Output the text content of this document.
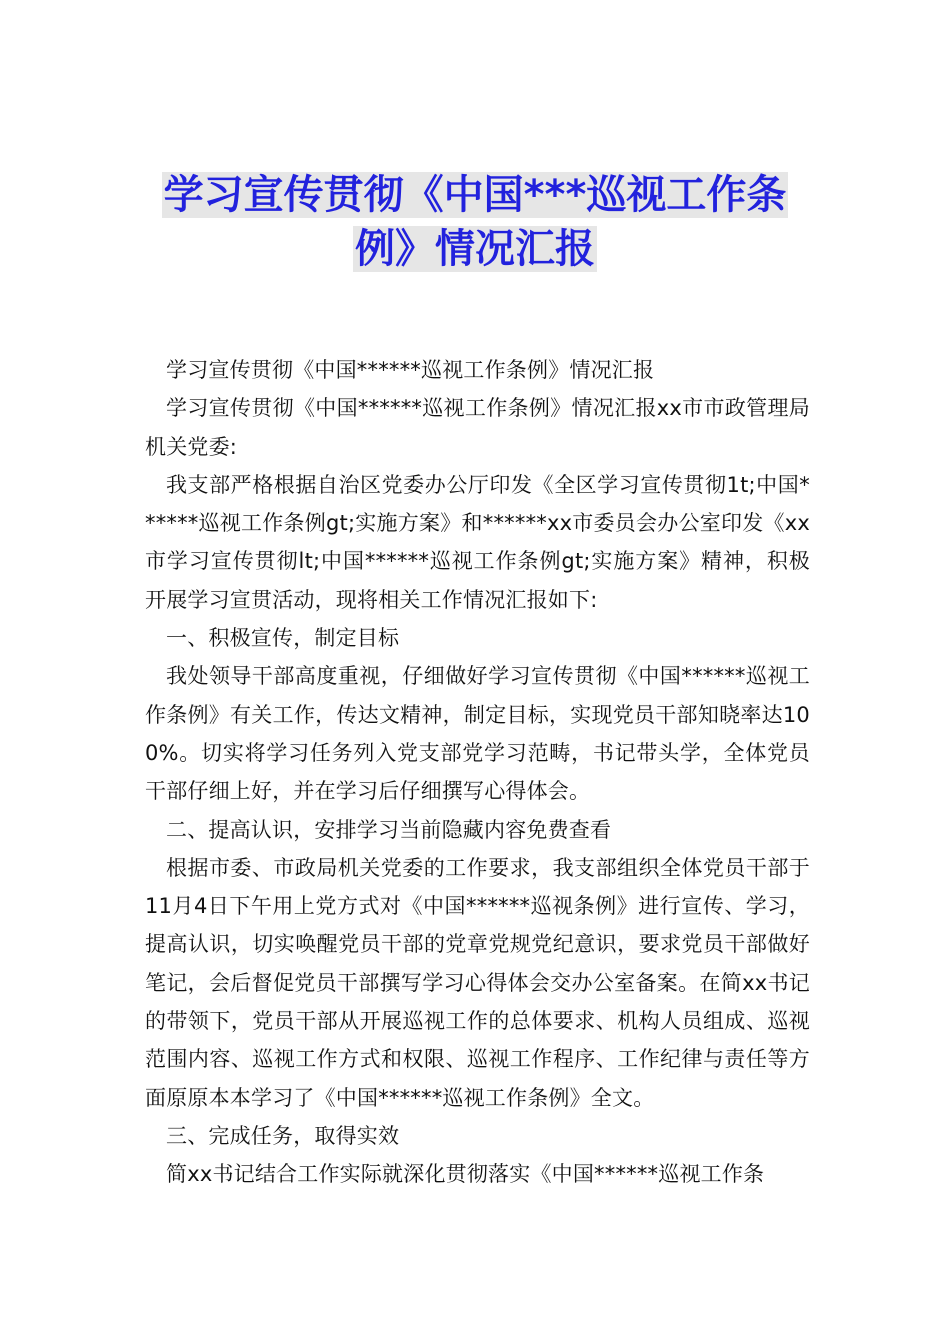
学习宣传贯彻《中国***巡视工作条
例》情况汇报

学习宣传贯彻《中国******巡视工作条例》情况汇报

学习宣传贯彻《中国******巡视工作条例》情况汇报xx市市政管理局机关党委:

我支部严格根据自治区党委办公厅印发《全区学习宣传贯彻1t;中国******巡视工作条例gt;实施方案》和******xx市委员会办公室印发《xx市学习宣传贯彻lt;中国******巡视工作条例gt;实施方案》精神，积极开展学习宣贯活动，现将相关工作情况汇报如下:

一、积极宣传，制定目标

我处领导干部高度重视，仔细做好学习宣传贯彻《中国******巡视工作条例》有关工作，传达文精神，制定目标，实现党员干部知晓率达100%。切实将学习任务列入党支部党学习范畴，书记带头学，全体党员干部仔细上好，并在学习后仔细撰写心得体会。

二、提高认识，安排学习当前隐藏内容免费查看

根据市委、市政局机关党委的工作要求，我支部组织全体党员干部于11月4日下午用上党方式对《中国******巡视条例》进行宣传、学习，提高认识，切实唤醒党员干部的党章党规党纪意识，要求党员干部做好笔记，会后督促党员干部撰写学习心得体会交办公室备案。在简xx书记的带领下，党员干部从开展巡视工作的总体要求、机构人员组成、巡视范围内容、巡视工作方式和权限、巡视工作程序、工作纪律与责任等方面原原本本学习了《中国******巡视工作条例》全文。

三、完成任务，取得实效

简xx书记结合工作实际就深化贯彻落实《中国******巡视工作条
